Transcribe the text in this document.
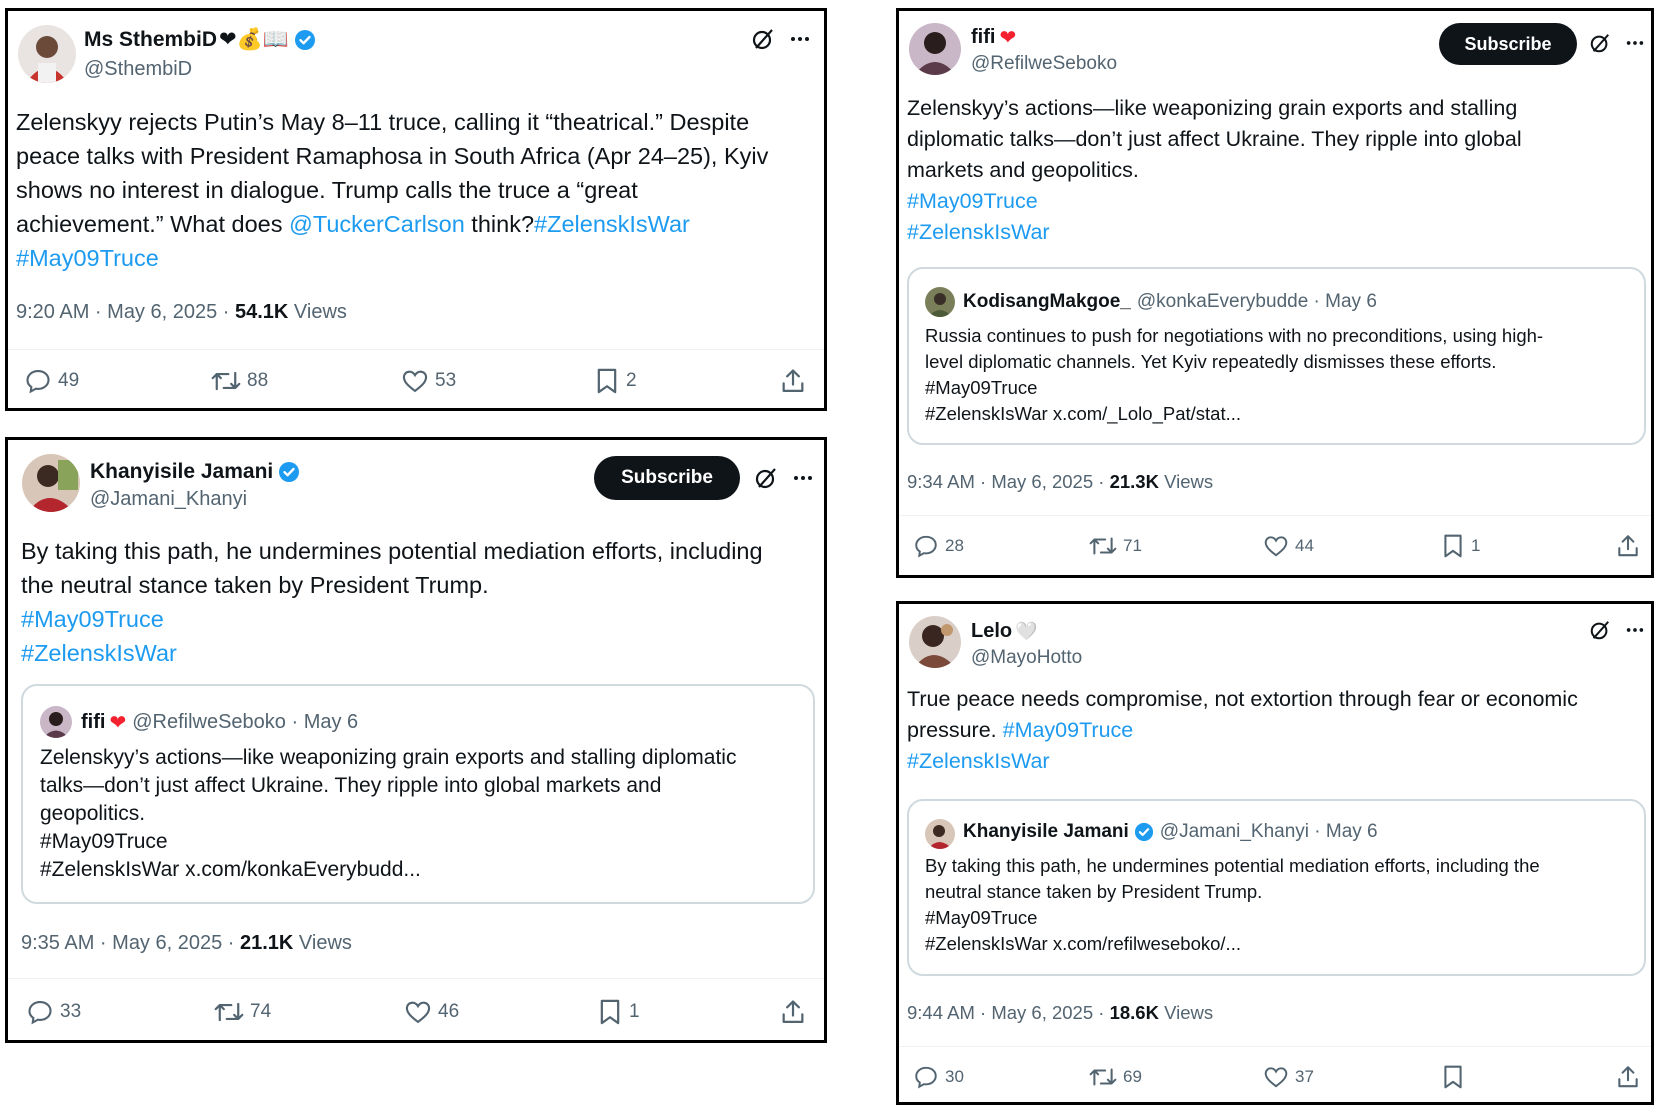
Ms SthembiD ❤💰📖
@SthembiD
Zelenskyy rejects Putin’s May 8–11 truce, calling it “theatrical.” Despite
peace talks with President Ramaphosa in South Africa (Apr 24–25), Kyiv
shows no interest in dialogue. Trump calls the truce a “great
achievement.” What does @TuckerCarlson think?#ZelenskIsWar
#May09Truce
9:20 AM · May 6, 2025 · 54.1K Views
49	88	53	2
Khanyisile Jamani
@Jamani_Khanyi
Subscribe
By taking this path, he undermines potential mediation efforts, including
the neutral stance taken by President Trump.
#May09Truce
#ZelenskIsWar
fifi ❤ @RefilweSeboko · May 6
Zelenskyy’s actions—like weaponizing grain exports and stalling diplomatic
talks—don’t just affect Ukraine. They ripple into global markets and
geopolitics.
#May09Truce
#ZelenskIsWar x.com/konkaEverybudd...
9:35 AM · May 6, 2025 · 21.1K Views
33	74	46	1
fifi ❤
@RefilweSeboko
Subscribe
Zelenskyy’s actions—like weaponizing grain exports and stalling
diplomatic talks—don’t just affect Ukraine. They ripple into global
markets and geopolitics.
#May09Truce
#ZelenskIsWar
KodisangMakgoe_ @konkaEverybudde · May 6
Russia continues to push for negotiations with no preconditions, using high-
level diplomatic channels. Yet Kyiv repeatedly dismisses these efforts.
#May09Truce
#ZelenskIsWar x.com/_Lolo_Pat/stat...
9:34 AM · May 6, 2025 · 21.3K Views
28	71	44	1
Lelo 🤍
@MayoHotto
True peace needs compromise, not extortion through fear or economic
pressure. #May09Truce
#ZelenskIsWar
Khanyisile Jamani @Jamani_Khanyi · May 6
By taking this path, he undermines potential mediation efforts, including the
neutral stance taken by President Trump.
#May09Truce
#ZelenskIsWar x.com/refilweseboko/...
9:44 AM · May 6, 2025 · 18.6K Views
30	69	37
